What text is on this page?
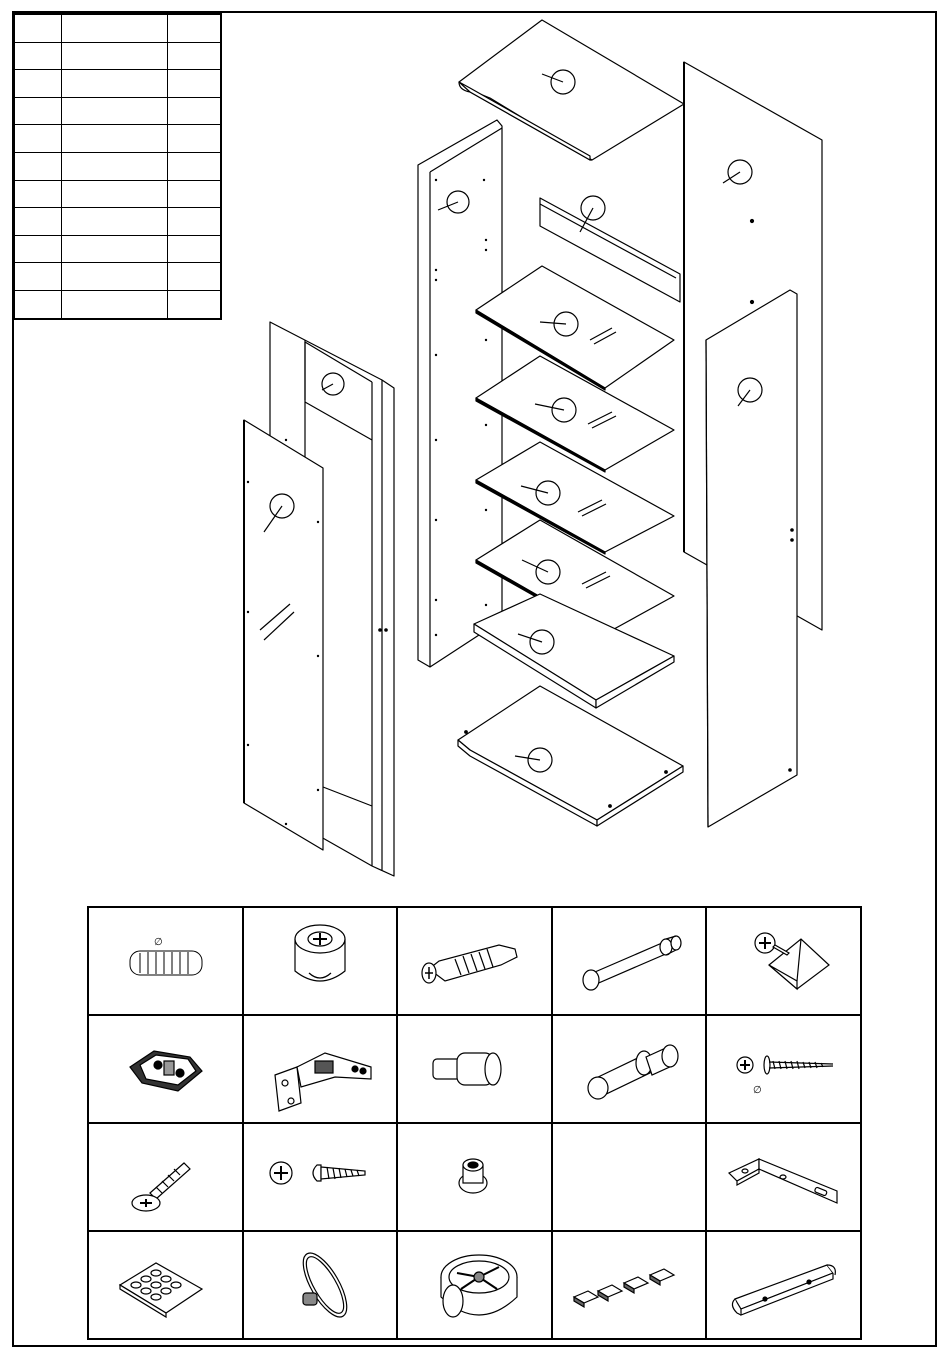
∅
∅
